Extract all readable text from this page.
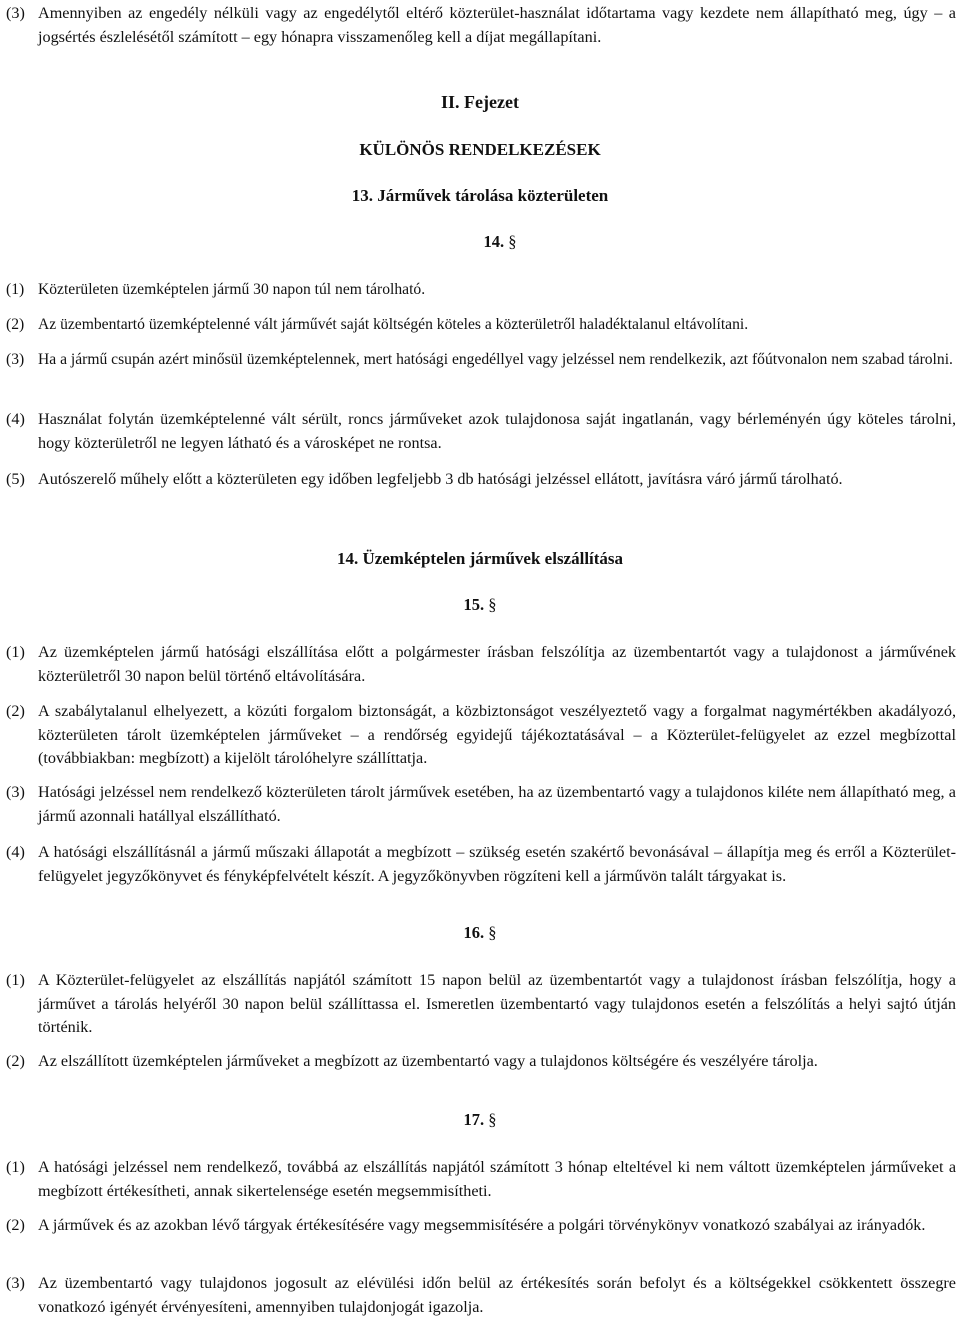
(3) Amennyiben az engedély nélküli vagy az engedélytől eltérő közterület-használat időtartama vagy kezdete nem állapítható meg, úgy – a jogsértés észlelésétől számított – egy hónapra visszamenőleg kell a díjat megállapítani.
II. Fejezet
KÜLÖNÖS RENDELKEZÉSEK
13. Járművek tárolása közterületen
14. §
(1) Közterületen üzemképtelen jármű 30 napon túl nem tárolható.
(2) Az üzembentartó üzemképtelenné vált járművét saját költségén köteles a közterületről haladéktalanul eltávolítani.
(3) Ha a jármű csupán azért minősül üzemképtelennek, mert hatósági engedéllyel vagy jelzéssel nem rendelkezik, azt főútvonalon nem szabad tárolni.
(4) Használat folytán üzemképtelenné vált sérült, roncs járműveket azok tulajdonosa saját ingatlanán, vagy bérleményén úgy köteles tárolni, hogy közterületről ne legyen látható és a városképet ne rontsa.
(5) Autószerelő műhely előtt a közterületen egy időben legfeljebb 3 db hatósági jelzéssel ellátott, javításra váró jármű tárolható.
14. Üzemképtelen járművek elszállítása
15. §
(1) Az üzemképtelen jármű hatósági elszállítása előtt a polgármester írásban felszólítja az üzembentartót vagy a tulajdonost a járművének közterületről 30 napon belül történő eltávolítására.
(2) A szabálytalanul elhelyezett, a közúti forgalom biztonságát, a közbiztonságot veszélyeztető vagy a forgalmat nagymértékben akadályozó, közterületen tárolt üzemképtelen járműveket – a rendőrség egyidejű tájékoztatásával – a Közterület-felügyelet az ezzel megbízottal (továbbiakban: megbízott) a kijelölt tárolóhelyre szállíttatja.
(3) Hatósági jelzéssel nem rendelkező közterületen tárolt járművek esetében, ha az üzembentartó vagy a tulajdonos kiléte nem állapítható meg, a jármű azonnali hatállyal elszállítható.
(4) A hatósági elszállításnál a jármű műszaki állapotát a megbízott – szükség esetén szakértő bevonásával – állapítja meg és erről a Közterület-felügyelet jegyzőkönyvet és fényképfelvételt készít. A jegyzőkönyvben rögzíteni kell a járművön talált tárgyakat is.
16. §
(1) A Közterület-felügyelet az elszállítás napjától számított 15 napon belül az üzembentartót vagy a tulajdonost írásban felszólítja, hogy a járművet a tárolás helyéről 30 napon belül szállíttassa el. Ismeretlen üzembentartó vagy tulajdonos esetén a felszólítás a helyi sajtó útján történik.
(2) Az elszállított üzemképtelen járműveket a megbízott az üzembentartó vagy a tulajdonos költségére és veszélyére tárolja.
17. §
(1) A hatósági jelzéssel nem rendelkező, továbbá az elszállítás napjától számított 3 hónap elteltével ki nem váltott üzemképtelen járműveket a megbízott értékesítheti, annak sikertelensége esetén megsemmisítheti.
(2) A járművek és az azokban lévő tárgyak értékesítésére vagy megsemmisítésére a polgári törvénykönyv vonatkozó szabályai az irányadók.
(3) Az üzembentartó vagy tulajdonos jogosult az elévülési időn belül az értékesítés során befolyt és a költségekkel csökkentett összegre vonatkozó igényét érvényesíteni, amennyiben tulajdonjogát igazolja.
